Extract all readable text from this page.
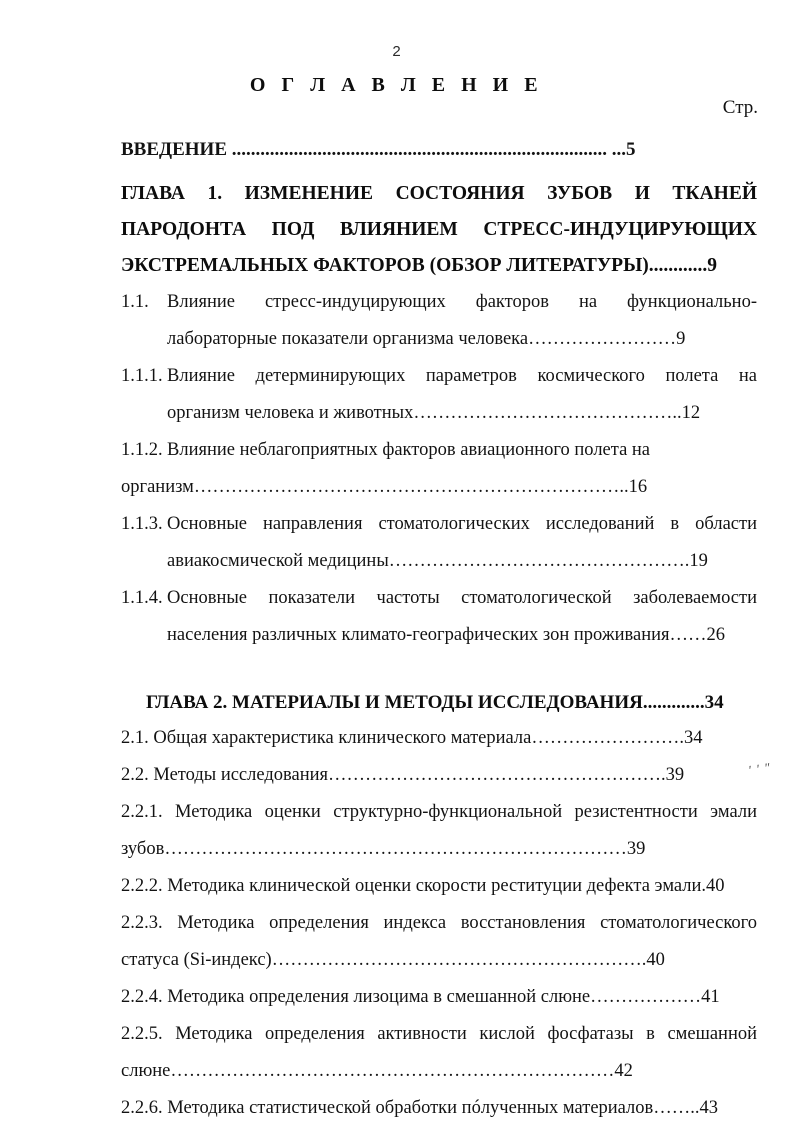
2
О Г Л А В Л Е Н И Е
Стр.
ВВЕДЕНИЕ ............................................................................... ...5
ГЛАВА 1. ИЗМЕНЕНИЕ СОСТОЯНИЯ ЗУБОВ И ТКАНЕЙ
ПАРОДОНТА ПОД ВЛИЯНИЕМ СТРЕСС-ИНДУЦИРУЮЩИХ
ЭКСТРЕМАЛЬНЫХ ФАКТОРОВ (ОБЗОР ЛИТЕРАТУРЫ)............9
1.1. Влияние стресс-индуцирующих факторов на функционально-
лабораторные показатели организма человека……………………9
1.1.1. Влияние детерминирующих параметров космического полета на
организм человека и животных……………………………………..12
1.1.2. Влияние неблагоприятных факторов авиационного полета на
организм……………………………………………………………..16
1.1.3. Основные направления стоматологических исследований в области
авиакосмической медицины………………………………………….19
1.1.4. Основные показатели частоты стоматологической заболеваемости
населения различных климато-географических зон проживания……26
ГЛАВА 2. МАТЕРИАЛЫ И МЕТОДЫ ИССЛЕДОВАНИЯ.............34
2.1. Общая характеристика клинического материала…………………….34
2.2. Методы исследования……………………………………………….39	ʹ ʹ ʺ
2.2.1. Методика оценки структурно-функциональной резистентности эмали
зубов…………………………………………………………………39
2.2.2. Методика клинической оценки скорости реституции дефекта эмали.40
2.2.3. Методика определения индекса восстановления стоматологического
статуса (Si-индекс)…………………………………………………….40
2.2.4. Методика определения лизоцима в смешанной слюне………………41
2.2.5. Методика определения активности кислой фосфатазы в смешанной
слюне………………………………………………………………42
2.2.6. Методика статистической обработки пóлученных материалов……..43
